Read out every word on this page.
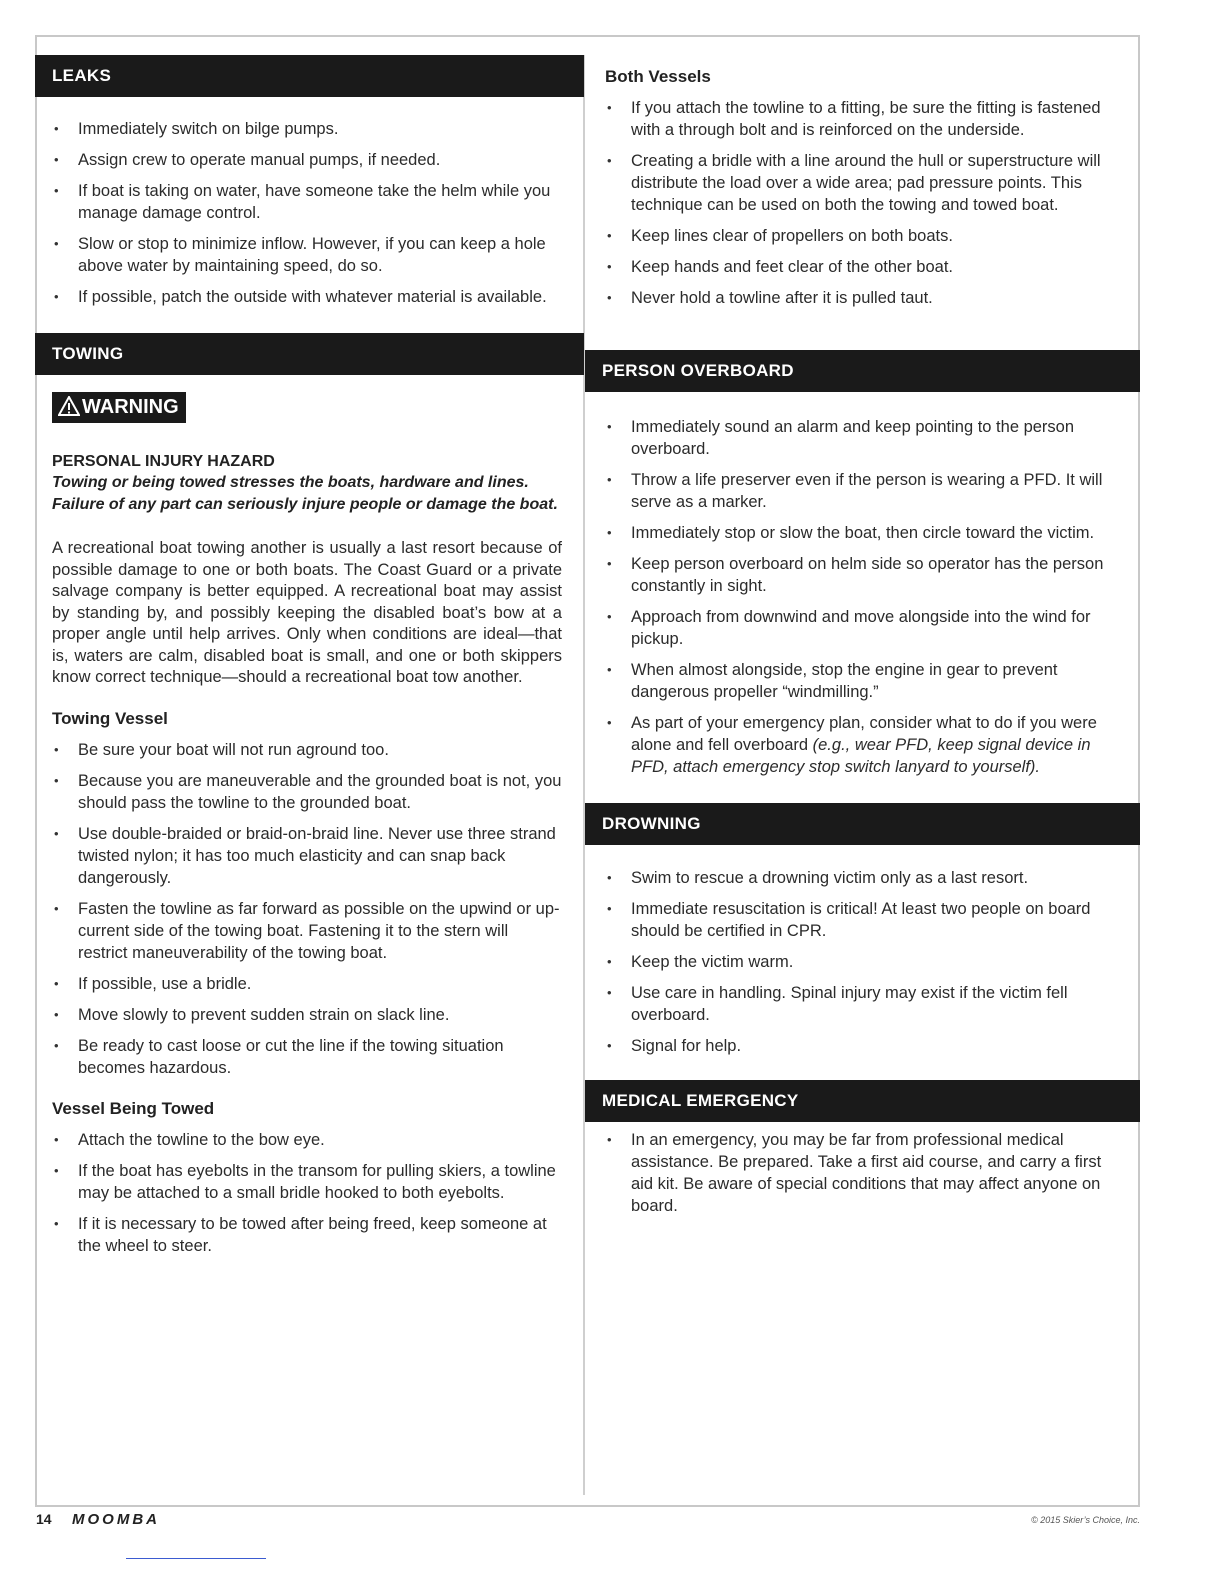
LEAKS
• Immediately switch on bilge pumps.
• Assign crew to operate manual pumps, if needed.
• If boat is taking on water, have someone take the helm while you manage damage control.
• Slow or stop to minimize inflow. However, if you can keep a hole above water by maintaining speed, do so.
• If possible, patch the outside with whatever material is available.
TOWING
WARNING
PERSONAL INJURY HAZARD

Towing or being towed stresses the boats, hardware and lines. Failure of any part can seriously injure people or damage the boat.

A recreational boat towing another is usually a last resort because of possible damage to one or both boats. The Coast Guard or a private salvage company is better equipped. A recreational boat may assist by standing by, and possibly keeping the disabled boat’s bow at a proper angle until help arrives. Only when conditions are ideal—that is, waters are calm, disabled boat is small, and one or both skippers know correct technique—should a recreational boat tow another.

Towing Vessel
• Be sure your boat will not run aground too.
• Because you are maneuverable and the grounded boat is not, you should pass the towline to the grounded boat.
• Use double-braided or braid-on-braid line. Never use three strand twisted nylon; it has too much elasticity and can snap back dangerously.
• Fasten the towline as far forward as possible on the upwind or up-current side of the towing boat. Fastening it to the stern will restrict maneuverability of the towing boat.
• If possible, use a bridle.
• Move slowly to prevent sudden strain on slack line.
• Be ready to cast loose or cut the line if the towing situation becomes hazardous.
Vessel Being Towed
• Attach the towline to the bow eye.
• If the boat has eyebolts in the transom for pulling skiers, a towline may be attached to a small bridle hooked to both eyebolts.
• If it is necessary to be towed after being freed, keep someone at the wheel to steer.
Both Vessels
• If you attach the towline to a fitting, be sure the fitting is fastened with a through bolt and is reinforced on the underside.
• Creating a bridle with a line around the hull or superstructure will distribute the load over a wide area; pad pressure points. This technique can be used on both the towing and towed boat.
• Keep lines clear of propellers on both boats.
• Keep hands and feet clear of the other boat.
• Never hold a towline after it is pulled taut.
PERSON OVERBOARD
• Immediately sound an alarm and keep pointing to the person overboard.
• Throw a life preserver even if the person is wearing a PFD. It will serve as a marker.
• Immediately stop or slow the boat, then circle toward the victim.
• Keep person overboard on helm side so operator has the person constantly in sight.
• Approach from downwind and move alongside into the wind for pickup.
• When almost alongside, stop the engine in gear to prevent dangerous propeller “windmilling.”
• As part of your emergency plan, consider what to do if you were alone and fell overboard (e.g., wear PFD, keep signal device in PFD, attach emergency stop switch lanyard to yourself).
DROWNING
• Swim to rescue a drowning victim only as a last resort.
• Immediate resuscitation is critical! At least two people on board should be certified in CPR.
• Keep the victim warm.
• Use care in handling. Spinal injury may exist if the victim fell overboard.
• Signal for help.
MEDICAL EMERGENCY
• In an emergency, you may be far from professional medical assistance. Be prepared. Take a first aid course, and carry a first aid kit. Be aware of special conditions that may affect anyone on board.
14 MOOMBA	© 2015 Skier’s Choice, Inc.
